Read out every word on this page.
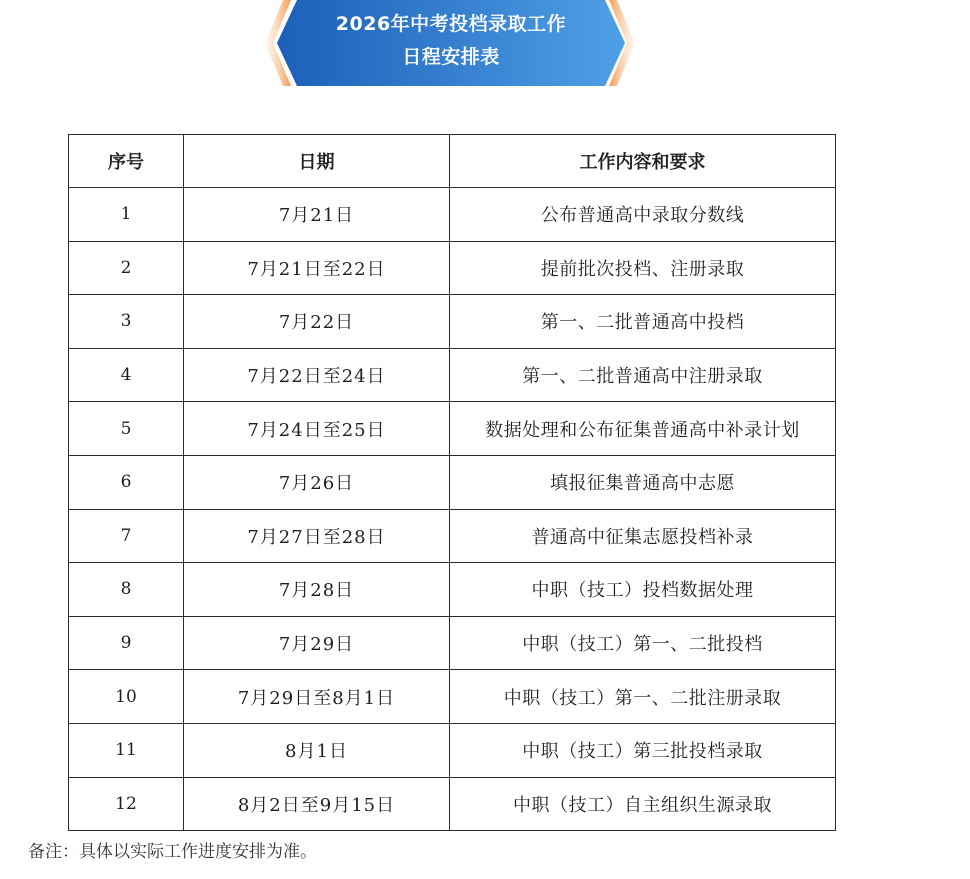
2026年中考投档录取工作
日程安排表
序号	日期	工作内容和要求
1	7月21日	公布普通高中录取分数线
2	7月21日至22日	提前批次投档、注册录取
3	7月22日	第一、二批普通高中投档
4	7月22日至24日	第一、二批普通高中注册录取
5	7月24日至25日	数据处理和公布征集普通高中补录计划
6	7月26日	填报征集普通高中志愿
7	7月27日至28日	普通高中征集志愿投档补录
8	7月28日	中职（技工）投档数据处理
9	7月29日	中职（技工）第一、二批投档
10	7月29日至8月1日	中职（技工）第一、二批注册录取
11	8月1日	中职（技工）第三批投档录取
12	8月2日至9月15日	中职（技工）自主组织生源录取
备注：具体以实际工作进度安排为准。
